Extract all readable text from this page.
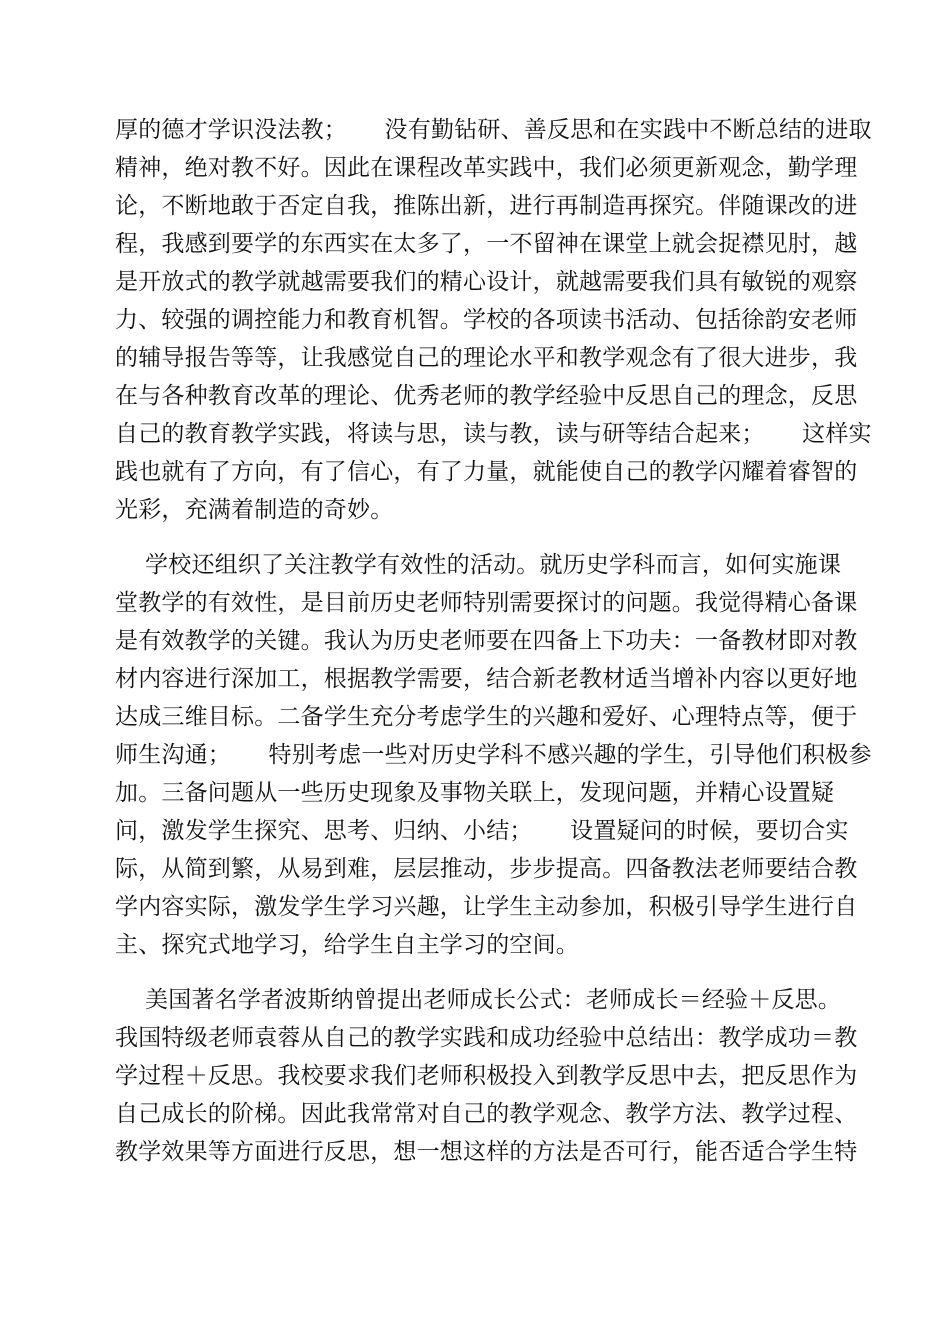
厚的德才学识没法教；     没有勤钻研、善反思和在实践中不断总结的进取

精神，绝对教不好。因此在课程改革实践中，我们必须更新观念，勤学理

论，不断地敢于否定自我，推陈出新，进行再制造再探究。伴随课改的进

程，我感到要学的东西实在太多了，一不留神在课堂上就会捉襟见肘，越

是开放式的教学就越需要我们的精心设计，就越需要我们具有敏锐的观察

力、较强的调控能力和教育机智。学校的各项读书活动、包括徐韵安老师

的辅导报告等等，让我感觉自己的理论水平和教学观念有了很大进步，我

在与各种教育改革的理论、优秀老师的教学经验中反思自己的理念，反思

自己的教育教学实践，将读与思，读与教，读与研等结合起来；     这样实

践也就有了方向，有了信心，有了力量，就能使自己的教学闪耀着睿智的

光彩，充满着制造的奇妙。

学校还组织了关注教学有效性的活动。就历史学科而言，如何实施课

堂教学的有效性，是目前历史老师特别需要探讨的问题。我觉得精心备课

是有效教学的关键。我认为历史老师要在四备上下功夫：一备教材即对教

材内容进行深加工，根据教学需要，结合新老教材适当增补内容以更好地

达成三维目标。二备学生充分考虑学生的兴趣和爱好、心理特点等，便于

师生沟通；     特别考虑一些对历史学科不感兴趣的学生，引导他们积极参

加。三备问题从一些历史现象及事物关联上，发现问题，并精心设置疑

问，激发学生探究、思考、归纳、小结；     设置疑问的时候，要切合实

际，从简到繁，从易到难，层层推动，步步提高。四备教法老师要结合教

学内容实际，激发学生学习兴趣，让学生主动参加，积极引导学生进行自

主、探究式地学习，给学生自主学习的空间。

美国著名学者波斯纳曾提出老师成长公式：老师成长＝经验＋反思。

我国特级老师袁蓉从自己的教学实践和成功经验中总结出：教学成功＝教

学过程＋反思。我校要求我们老师积极投入到教学反思中去，把反思作为

自己成长的阶梯。因此我常常对自己的教学观念、教学方法、教学过程、

教学效果等方面进行反思，想一想这样的方法是否可行，能否适合学生特
